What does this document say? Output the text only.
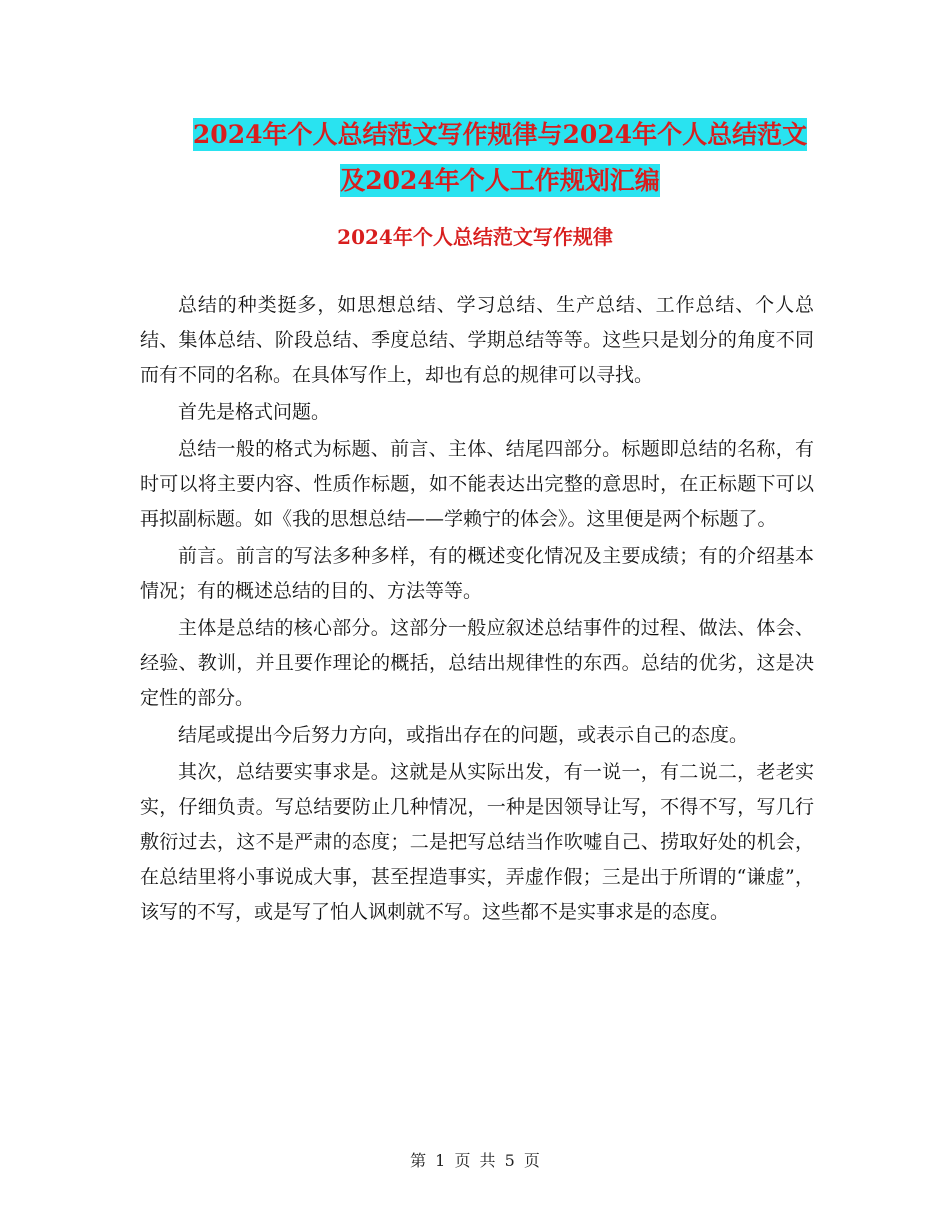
2024年个人总结范文写作规律与2024年个人总结范文
及2024年个人工作规划汇编
2024年个人总结范文写作规律

总结的种类挺多，如思想总结、学习总结、生产总结、工作总结、个人总结、集体总结、阶段总结、季度总结、学期总结等等。这些只是划分的角度不同而有不同的名称。在具体写作上，却也有总的规律可以寻找。

首先是格式问题。

总结一般的格式为标题、前言、主体、结尾四部分。标题即总结的名称，有时可以将主要内容、性质作标题，如不能表达出完整的意思时，在正标题下可以再拟副标题。如《我的思想总结——学赖宁的体会》。这里便是两个标题了。

前言。前言的写法多种多样，有的概述变化情况及主要成绩；有的介绍基本情况；有的概述总结的目的、方法等等。

主体是总结的核心部分。这部分一般应叙述总结事件的过程、做法、体会、经验、教训，并且要作理论的概括，总结出规律性的东西。总结的优劣，这是决定性的部分。

结尾或提出今后努力方向，或指出存在的问题，或表示自己的态度。

其次，总结要实事求是。这就是从实际出发，有一说一，有二说二，老老实实，仔细负责。写总结要防止几种情况，一种是因领导让写，不得不写，写几行敷衍过去，这不是严肃的态度；二是把写总结当作吹嘘自己、捞取好处的机会，在总结里将小事说成大事，甚至捏造事实，弄虚作假；三是出于所谓的“谦虚”，该写的不写，或是写了怕人讽刺就不写。这些都不是实事求是的态度。

第 1 页 共 5 页
